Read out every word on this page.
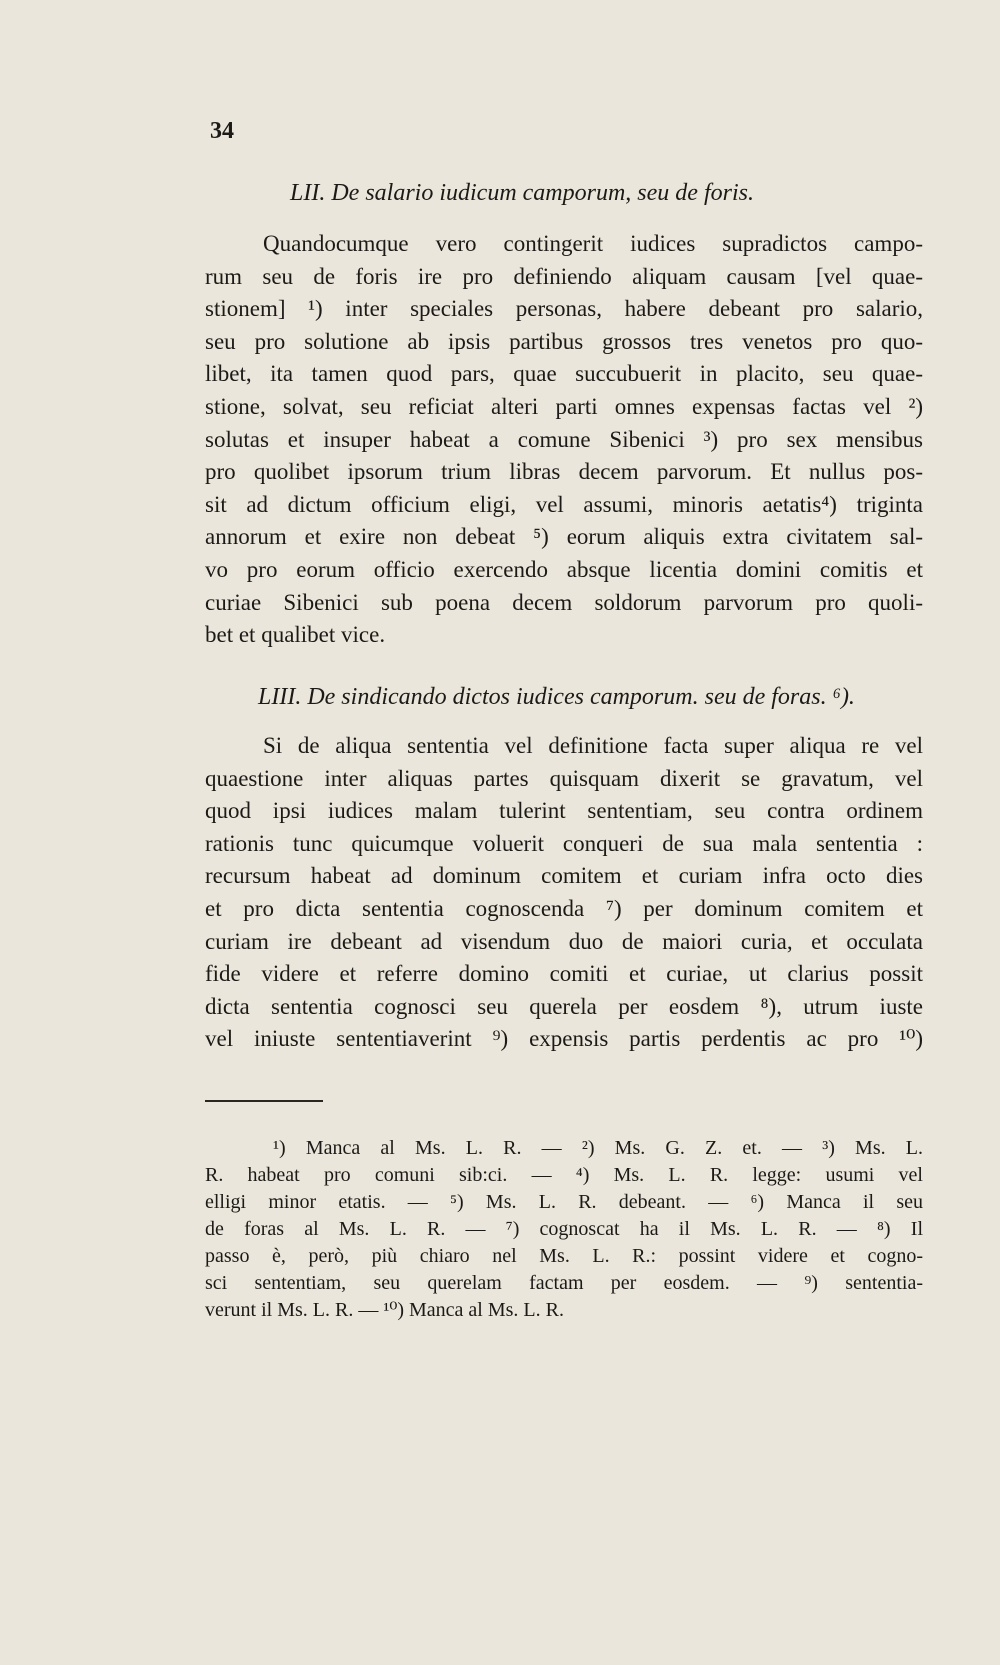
34
LII. De salario iudicum camporum, seu de foris.
Quandocumque vero contingerit iudices supradictos campo-
rum seu de foris ire pro definiendo aliquam causam [vel quae-
stionem] ¹) inter speciales personas, habere debeant pro salario,
seu pro solutione ab ipsis partibus grossos tres venetos pro quo-
libet, ita tamen quod pars, quae succubuerit in placito, seu quae-
stione, solvat, seu reficiat alteri parti omnes expensas factas vel ²)
solutas et insuper habeat a comune Sibenici ³) pro sex mensibus
pro quolibet ipsorum trium libras decem parvorum. Et nullus pos-
sit ad dictum officium eligi, vel assumi, minoris aetatis⁴) triginta
annorum et exire non debeat ⁵) eorum aliquis extra civitatem sal-
vo pro eorum officio exercendo absque licentia domini comitis et
curiae Sibenici sub poena decem soldorum parvorum pro quoli-
bet et qualibet vice.
LIII. De sindicando dictos iudices camporum. seu de foras. ⁶).
Si de aliqua sententia vel definitione facta super aliqua re vel
quaestione inter aliquas partes quisquam dixerit se gravatum, vel
quod ipsi iudices malam tulerint sententiam, seu contra ordinem
rationis tunc quicumque voluerit conqueri de sua mala sententia :
recursum habeat ad dominum comitem et curiam infra octo dies
et pro dicta sententia cognoscenda ⁷) per dominum comitem et
curiam ire debeant ad visendum duo de maiori curia, et occulata
fide videre et referre domino comiti et curiae, ut clarius possit
dicta sententia cognosci seu querela per eosdem ⁸), utrum iuste
vel iniuste sententiaverint ⁹) expensis partis perdentis ac pro ¹⁰)
¹) Manca al Ms. L. R. — ²) Ms. G. Z. et. — ³) Ms. L.
R. habeat pro comuni sib:ci. — ⁴) Ms. L. R. legge: usumi vel
elligi minor etatis. — ⁵) Ms. L. R. debeant. — ⁶) Manca il seu
de foras al Ms. L. R. — ⁷) cognoscat ha il Ms. L. R. — ⁸) Il
passo è, però, più chiaro nel Ms. L. R.: possint videre et cogno-
sci sententiam, seu querelam factam per eosdem. — ⁹) sententia-
verunt il Ms. L. R. — ¹⁰) Manca al Ms. L. R.
